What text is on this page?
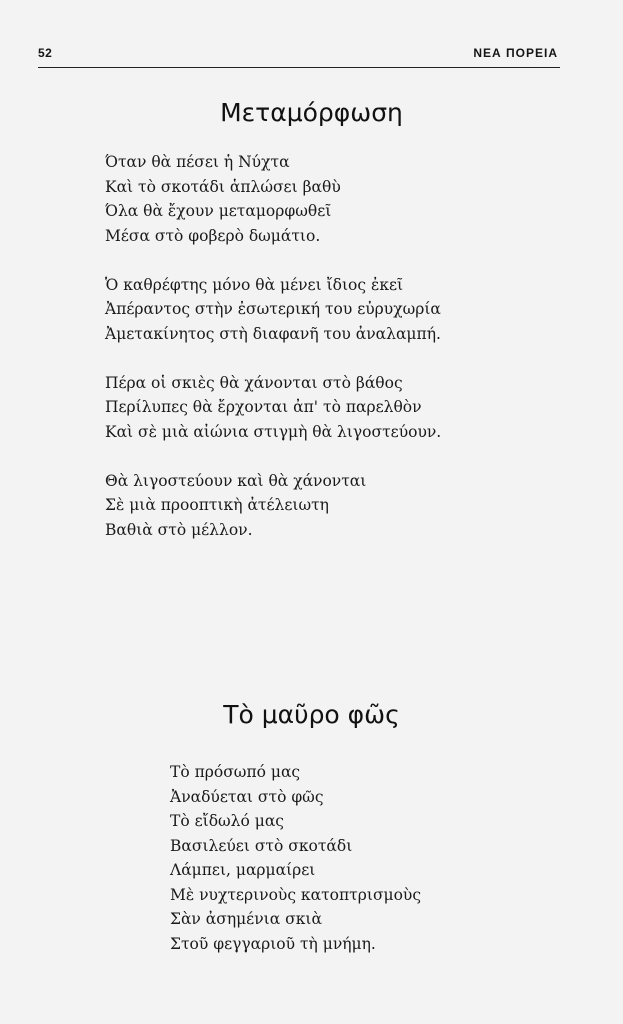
52	ΝΕΑ ΠΟΡΕΙΑ
Μεταμόρφωση
Όταν θὰ πέσει ἡ Νύχτα
Καὶ τὸ σκοτάδι ἁπλώσει βαθὺ
Όλα θὰ ἔχουν μεταμορφωθεῖ
Μέσα στὸ φοβερὸ δωμάτιο.
Ὁ καθρέφτης μόνο θὰ μένει ἴδιος ἐκεῖ
Ἀπέραντος στὴν ἐσωτερική του εὐρυχωρία
Ἀμετακίνητος στὴ διαφανῆ του ἀναλαμπή.
Πέρα οἱ σκιὲς θὰ χάνονται στὸ βάθος
Περίλυπες θὰ ἔρχονται ἀπ' τὸ παρελθὸν
Καὶ σὲ μιὰ αἰώνια στιγμὴ θὰ λιγοστεύουν.
Θὰ λιγοστεύουν καὶ θὰ χάνονται
Σὲ μιὰ προοπτικὴ ἀτέλειωτη
Βαθιὰ στὸ μέλλον.
Τὸ μαῦρο φῶς
Τὸ πρόσωπό μας
Ἀναδύεται στὸ φῶς
Τὸ εἴδωλό μας
Βασιλεύει στὸ σκοτάδι
Λάμπει, μαρμαίρει
Μὲ νυχτερινοὺς κατοπτρισμοὺς
Σὰν ἀσημένια σκιὰ
Στοῦ φεγγαριοῦ τὴ μνήμη.
